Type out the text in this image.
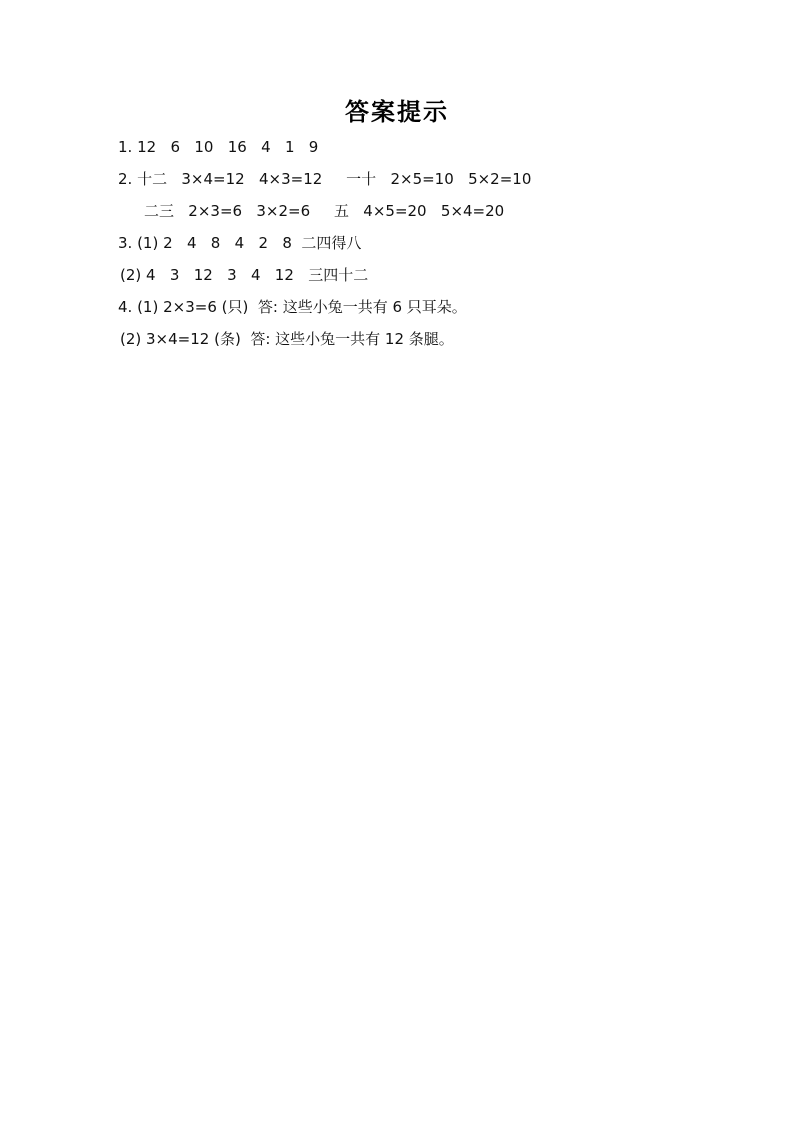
答案提示
1. 12   6   10   16   4   1   9
2. 十二   3×4=12   4×3=12     一十   2×5=10   5×2=10
二三   2×3=6   3×2=6     五   4×5=20   5×4=20
3. (1) 2   4   8   4   2   8  二四得八
(2) 4   3   12   3   4   12   三四十二
4. (1) 2×3=6 (只)  答: 这些小兔一共有 6 只耳朵。
(2) 3×4=12 (条)  答: 这些小兔一共有 12 条腿。
